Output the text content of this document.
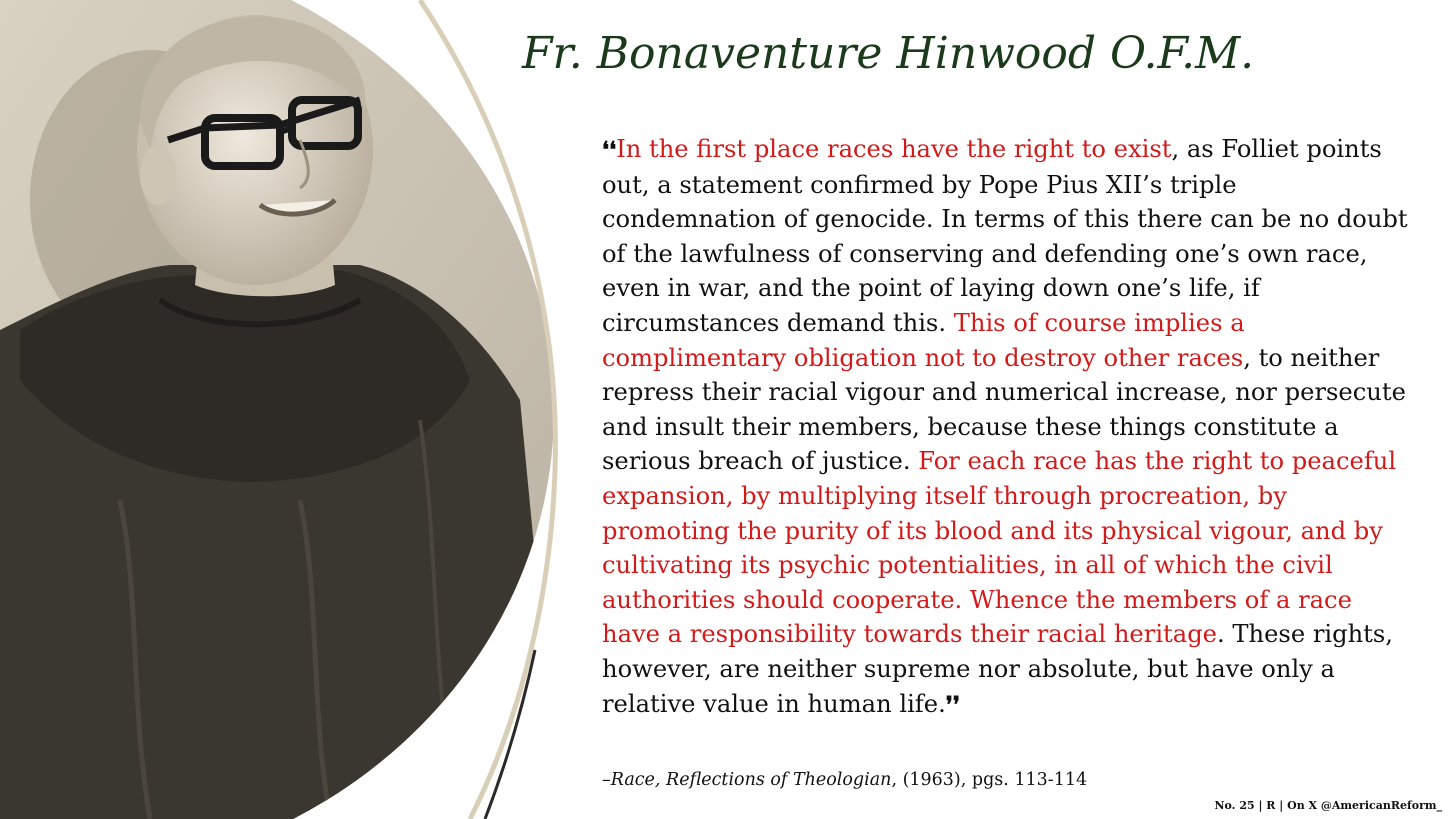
Fr. Bonaventure Hinwood O.F.M.
❛❛In the first place races have the right to exist, as Folliet points out, a statement confirmed by Pope Pius XII’s triple condemnation of genocide. In terms of this there can be no doubt of the lawfulness of conserving and defending one’s own race, even in war, and the point of laying down one’s life, if circumstances demand this. This of course implies a complimentary obligation not to destroy other races, to neither repress their racial vigour and numerical increase, nor persecute and insult their members, because these things constitute a serious breach of justice. For each race has the right to peaceful expansion, by multiplying itself through procreation, by promoting the purity of its blood and its physical vigour, and by cultivating its psychic potentialities, in all of which the civil authorities should cooperate. Whence the members of a race have a responsibility towards their racial heritage. These rights, however, are neither supreme nor absolute, but have only a relative value in human life.❜❜
–Race, Reflections of Theologian, (1963), pgs. 113-114
No. 25 | R | On X @AmericanReform_
